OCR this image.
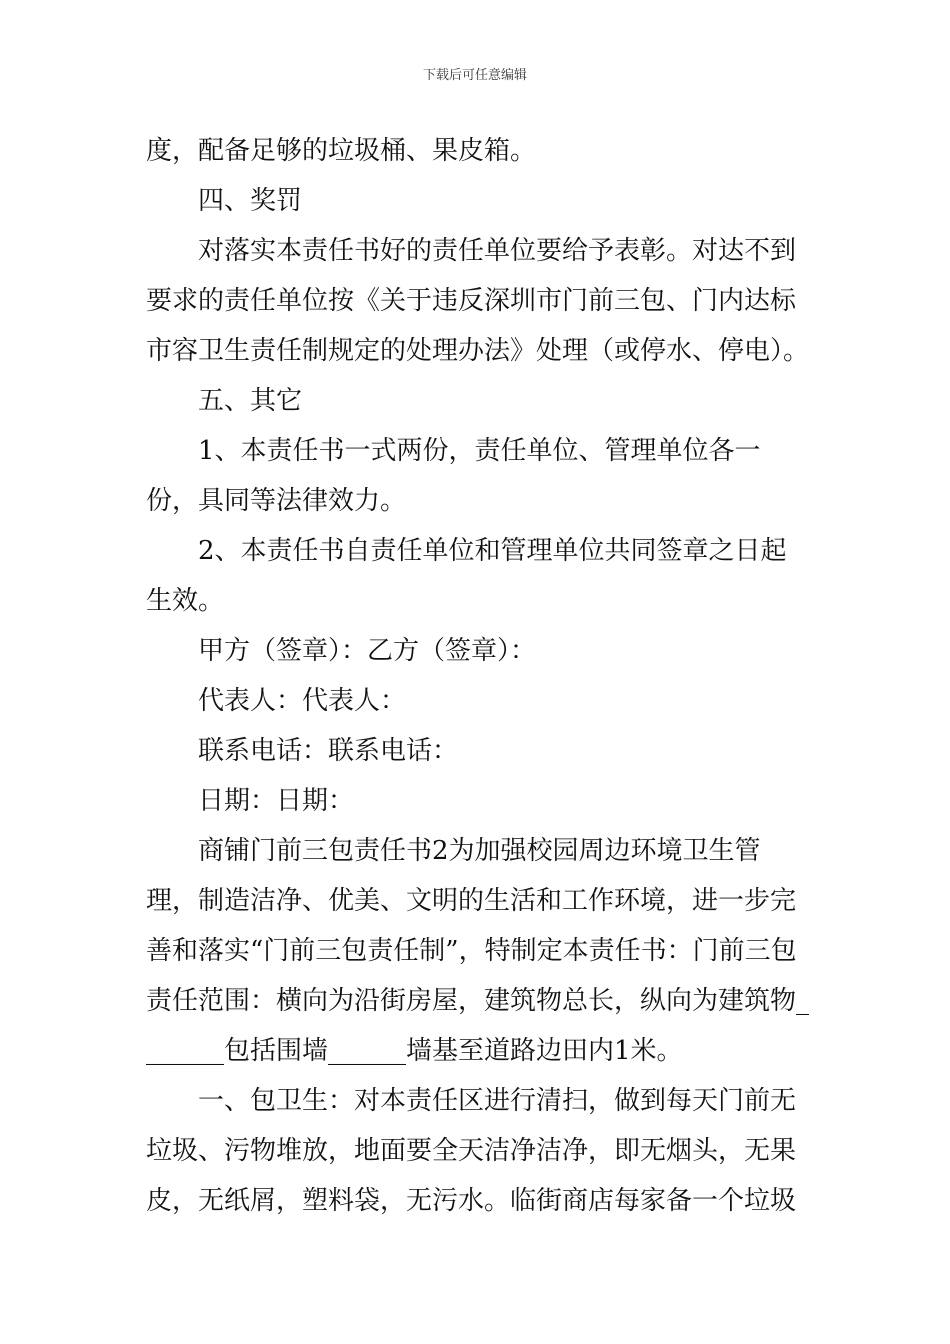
下载后可任意编辑

度，配备足够的垃圾桶、果皮箱。

四、奖罚

对落实本责任书好的责任单位要给予表彰。对达不到要求的责任单位按《关于违反深圳市门前三包、门内达标市容卫生责任制规定的处理办法》处理（或停水、停电）。

五、其它

1、本责任书一式两份，责任单位、管理单位各一份，具同等法律效力。

2、本责任书自责任单位和管理单位共同签章之日起生效。

甲方（签章）：乙方（签章）：

代表人：代表人：

联系电话：联系电话：

日期：日期：

商铺门前三包责任书2为加强校园周边环境卫生管理，制造洁净、优美、文明的生活和工作环境，进一步完善和落实“门前三包责任制”，特制定本责任书：门前三包责任范围：横向为沿街房屋，建筑物总长，纵向为建筑物_______包括围墙______墙基至道路边田内1米。

一、包卫生：对本责任区进行清扫，做到每天门前无垃圾、污物堆放，地面要全天洁净洁净，即无烟头，无果皮，无纸屑，塑料袋，无污水。临街商店每家备一个垃圾
